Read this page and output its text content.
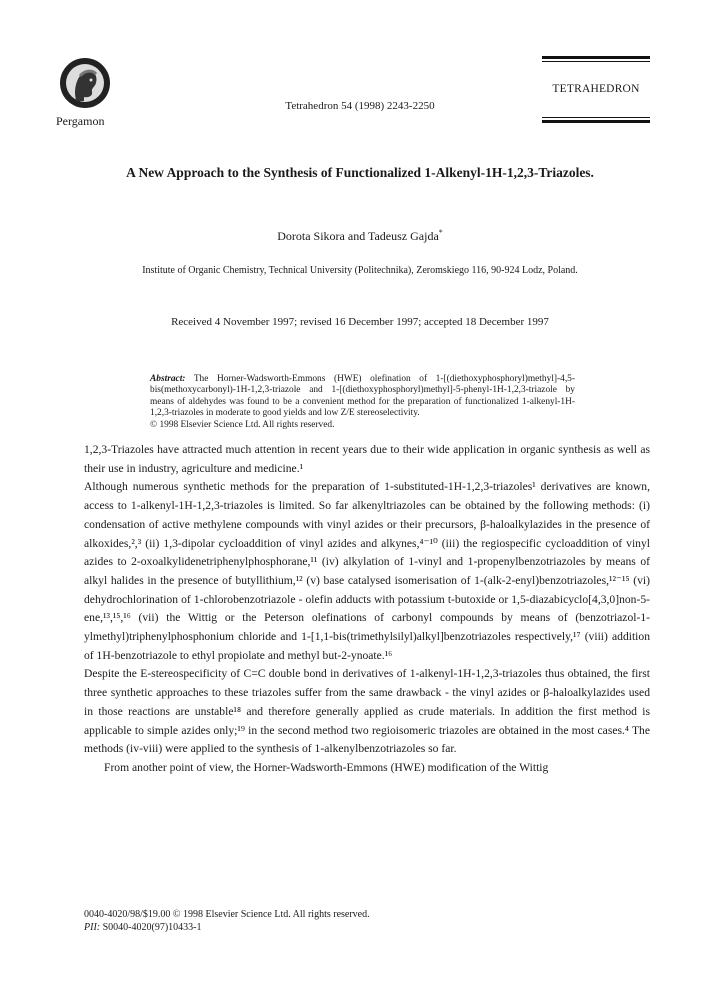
Pergamon
Tetrahedron 54 (1998) 2243-2250
TETRAHEDRON
A New Approach to the Synthesis of Functionalized 1-Alkenyl-1H-1,2,3-Triazoles.
Dorota Sikora and Tadeusz Gajda*
Institute of Organic Chemistry, Technical University (Politechnika), Zeromskiego 116, 90-924 Lodz, Poland.
Received 4 November 1997; revised 16 December 1997; accepted 18 December 1997

Abstract: The Horner-Wadsworth-Emmons (HWE) olefination of 1-[(diethoxyphosphoryl)methyl]-4,5-bis(methoxycarbonyl)-1H-1,2,3-triazole and 1-[(diethoxyphosphoryl)methyl]-5-phenyl-1H-1,2,3-triazole by means of aldehydes was found to be a convenient method for the preparation of functionalized 1-alkenyl-1H-1,2,3-triazoles in moderate to good yields and low Z/E stereoselectivity.

© 1998 Elsevier Science Ltd. All rights reserved.

1,2,3-Triazoles have attracted much attention in recent years due to their wide application in organic synthesis as well as their use in industry, agriculture and medicine.¹

Although numerous synthetic methods for the preparation of 1-substituted-1H-1,2,3-triazoles¹ derivatives are known, access to 1-alkenyl-1H-1,2,3-triazoles is limited. So far alkenyltriazoles can be obtained by the following methods: (i) condensation of active methylene compounds with vinyl azides or their precursors, β-haloalkylazides in the presence of alkoxides,²,³ (ii) 1,3-dipolar cycloaddition of vinyl azides and alkynes,⁴⁻¹⁰ (iii) the regiospecific cycloaddition of vinyl azides to 2-oxoalkylidenetriphenylphosphorane,¹¹ (iv) alkylation of 1-vinyl and 1-propenylbenzotriazoles by means of alkyl halides in the presence of butyllithium,¹² (v) base catalysed isomerisation of 1-(alk-2-enyl)benzotriazoles,¹²⁻¹⁵ (vi) dehydrochlorination of 1-chlorobenzotriazole - olefin adducts with potassium t-butoxide or 1,5-diazabicyclo[4,3,0]non-5-ene,¹³,¹⁵,¹⁶ (vii) the Wittig or the Peterson olefinations of carbonyl compounds by means of (benzotriazol-1-ylmethyl)triphenylphosphonium chloride and 1-[1,1-bis(trimethylsilyl)alkyl]benzotriazoles respectively,¹⁷ (viii) addition of 1H-benzotriazole to ethyl propiolate and methyl but-2-ynoate.¹⁶

Despite the E-stereospecificity of C=C double bond in derivatives of 1-alkenyl-1H-1,2,3-triazoles thus obtained, the first three synthetic approaches to these triazoles suffer from the same drawback - the vinyl azides or β-haloalkylazides used in those reactions are unstable¹⁸ and therefore generally applied as crude materials. In addition the first method is applicable to simple azides only;¹⁹ in the second method two regioisomeric triazoles are obtained in the most cases.⁴ The methods (iv-viii) were applied to the synthesis of 1-alkenylbenzotriazoles so far.

From another point of view, the Horner-Wadsworth-Emmons (HWE) modification of the Wittig

0040-4020/98/$19.00 © 1998 Elsevier Science Ltd. All rights reserved.
PII: S0040-4020(97)10433-1
